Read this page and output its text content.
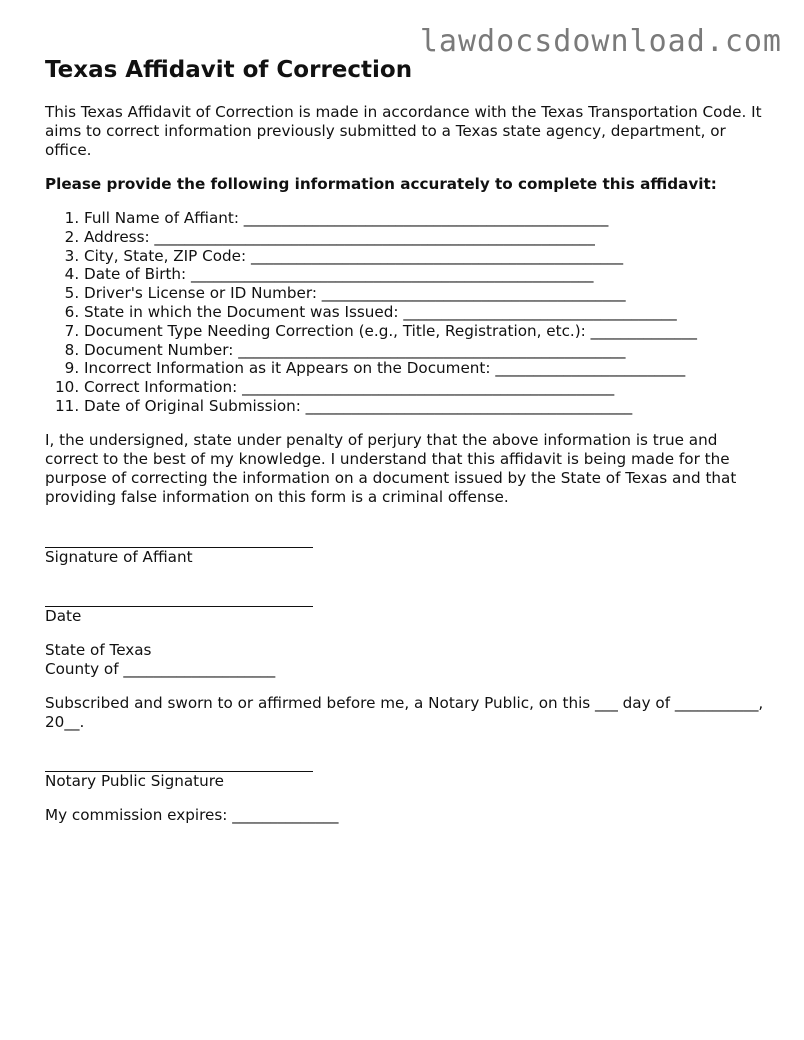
lawdocsdownload.com
Texas Affidavit of Correction

This Texas Affidavit of Correction is made in accordance with the Texas Transportation Code. It aims to correct information previously submitted to a Texas state agency, department, or office.

Please provide the following information accurately to complete this affidavit:

1. Full Name of Affiant: ________________________________________________
2. Address: __________________________________________________________
3. City, State, ZIP Code: _________________________________________________
4. Date of Birth: _____________________________________________________
5. Driver's License or ID Number: ________________________________________
6. State in which the Document was Issued: ____________________________________
7. Document Type Needing Correction (e.g., Title, Registration, etc.): ______________
8. Document Number: ___________________________________________________
9. Incorrect Information as it Appears on the Document: _________________________
10. Correct Information: _________________________________________________
11. Date of Original Submission: ___________________________________________

I, the undersigned, state under penalty of perjury that the above information is true and correct to the best of my knowledge. I understand that this affidavit is being made for the purpose of correcting the information on a document issued by the State of Texas and that providing false information on this form is a criminal offense.

Signature of Affiant
Date
State of Texas
County of ____________________

Subscribed and sworn to or affirmed before me, a Notary Public, on this ___ day of ___________, 20__.

Notary Public Signature

My commission expires: ______________
